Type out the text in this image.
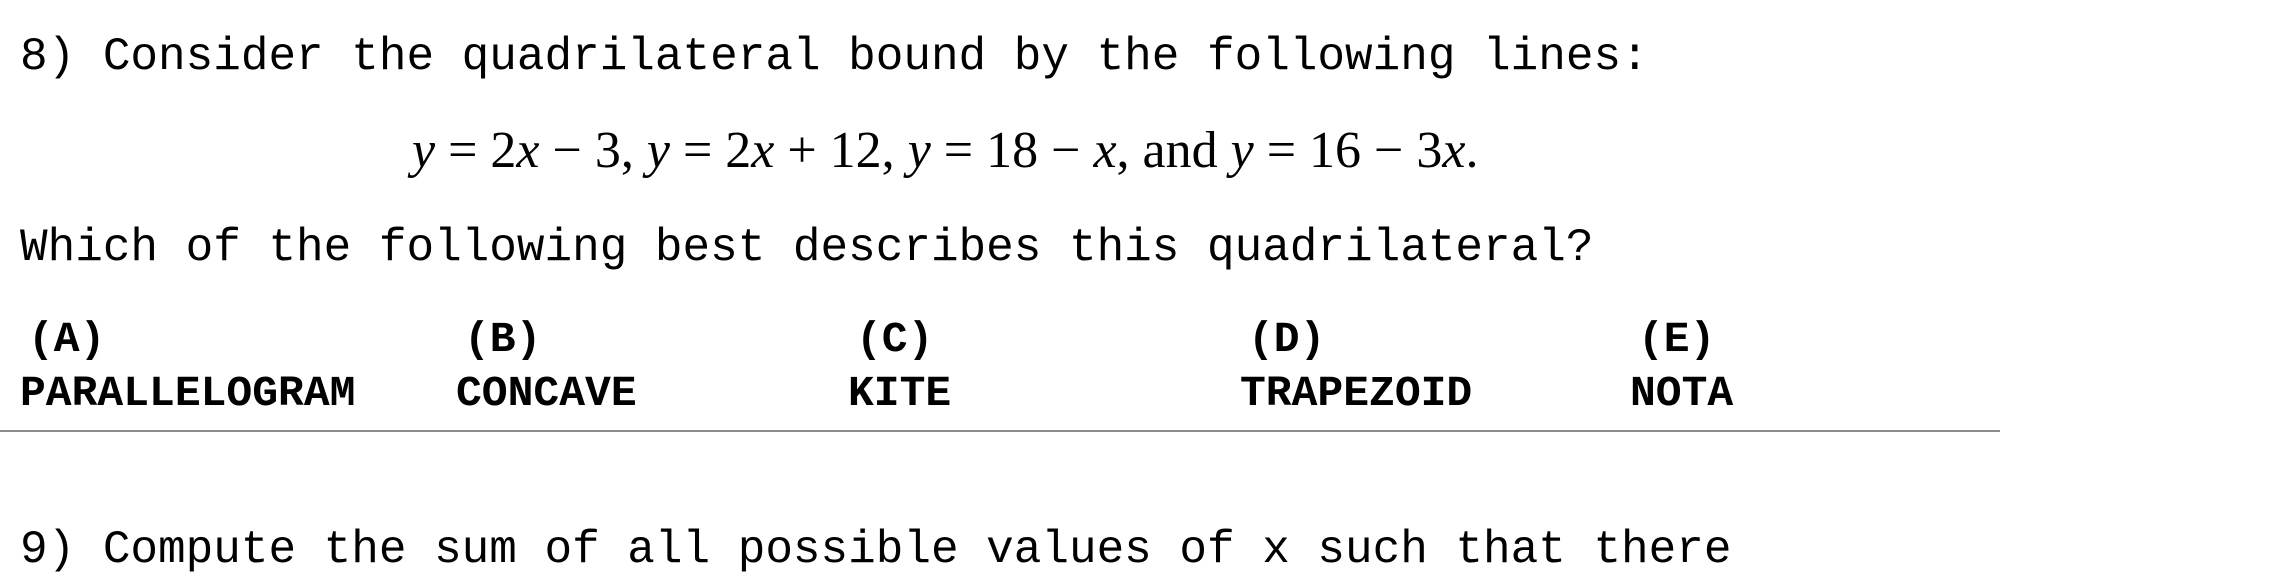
8) Consider the quadrilateral bound by the following lines:
y = 2x − 3, y = 2x + 12, y = 18 − x, and y = 16 − 3x.
Which of the following best describes this quadrilateral?
(A)
PARALLELOGRAM
(B)
CONCAVE
(C)
KITE
(D)
TRAPEZOID
(E)
NOTA
9) Compute the sum of all possible values of x such that there
